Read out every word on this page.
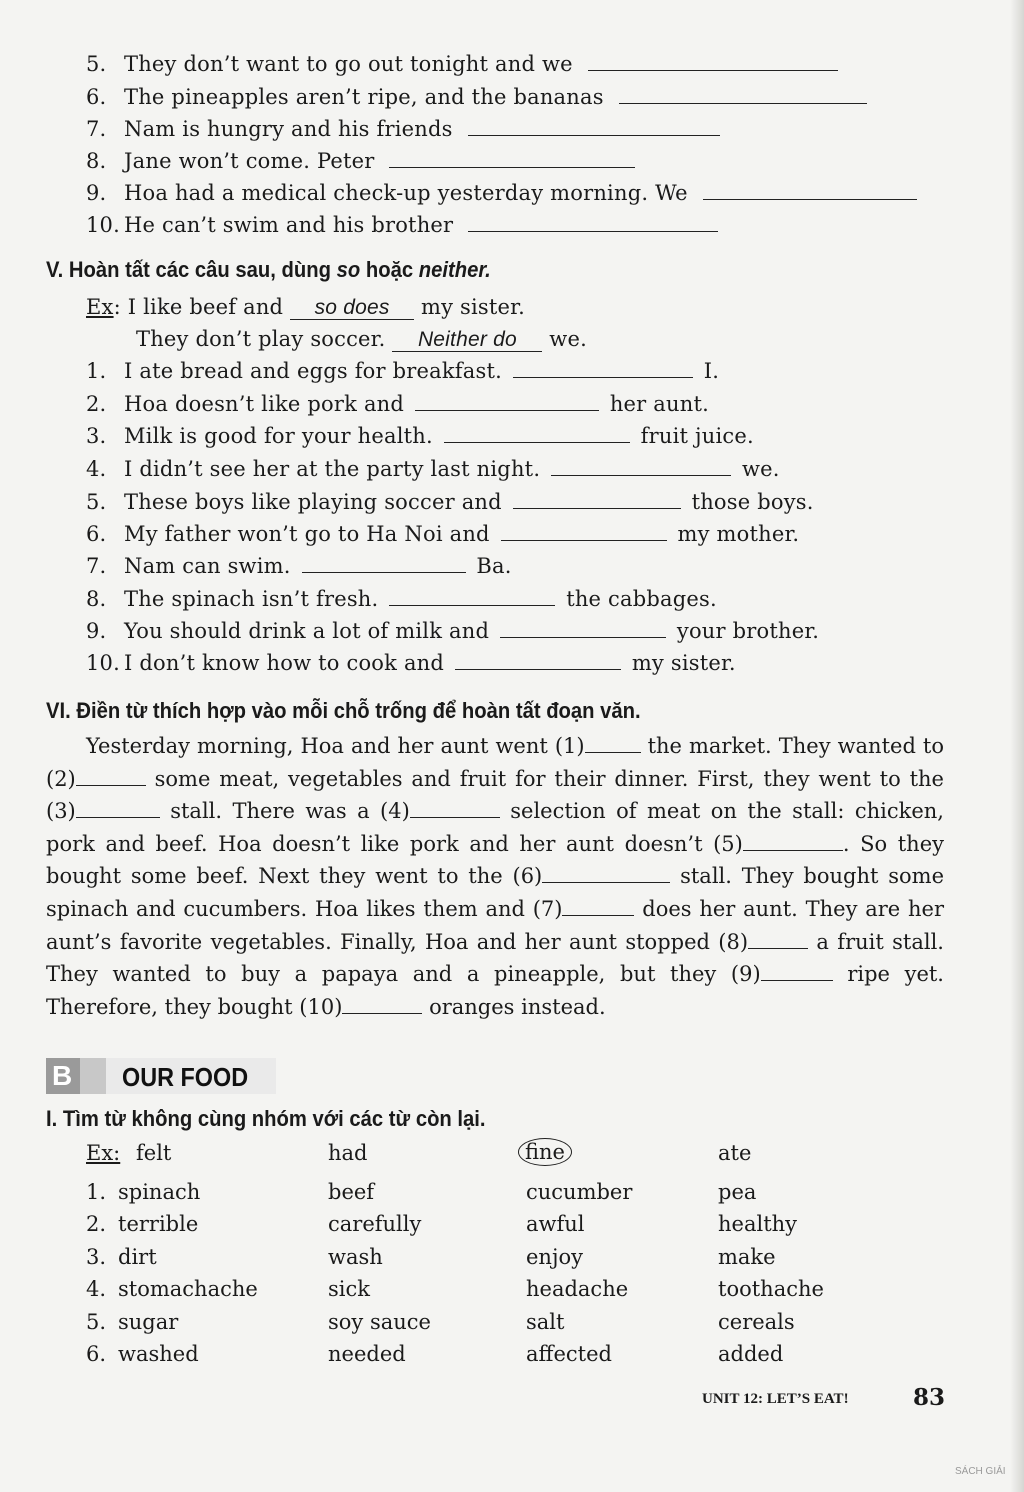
5. They don’t want to go out tonight and we
6. The pineapples aren’t ripe, and the bananas
7. Nam is hungry and his friends
8. Jane won’t come. Peter
9. Hoa had a medical check-up yesterday morning. We
10. He can’t swim and his brother
V. Hoàn tất các câu sau, dùng so hoặc neither.
Ex: I like beef and so does my sister.
They don’t play soccer. Neither do we.
1. I ate bread and eggs for breakfast.	I.
2. Hoa doesn’t like pork and	her aunt.
3. Milk is good for your health.	fruit juice.
4. I didn’t see her at the party last night.	we.
5. These boys like playing soccer and	those boys.
6. My father won’t go to Ha Noi and	my mother.
7. Nam can swim.	Ba.
8. The spinach isn’t fresh.	the cabbages.
9. You should drink a lot of milk and	your brother.
10. I don’t know how to cook and	my sister.
VI. Điền từ thích hợp vào mỗi chỗ trống để hoàn tất đoạn văn.
Yesterday morning, Hoa and her aunt went (1)	the market. They wanted to (2)	some meat, vegetables and fruit for their dinner. First, they went to the (3)	stall. There was a (4)	selection of meat on the stall: chicken, pork and beef. Hoa doesn’t like pork and her aunt doesn’t (5)	. So they bought some beef. Next they went to the (6)	stall. They bought some spinach and cucumbers. Hoa likes them and (7)	does her aunt. They are her aunt’s favorite vegetables. Finally, Hoa and her aunt stopped (8)	a fruit stall. They wanted to buy a papaya and a pineapple, but they (9)	ripe yet. Therefore, they bought (10)	oranges instead.
B OUR FOOD
I. Tìm từ không cùng nhóm với các từ còn lại.
Ex: felt	had	fine	ate
1. spinach	beef	cucumber	pea
2. terrible	carefully	awful	healthy
3. dirt	wash	enjoy	make
4. stomachache	sick	headache	toothache
5. sugar	soy sauce	salt	cereals
6. washed	needed	affected	added
UNIT 12: LET’S EAT!	83
SÁCH GIẢI
